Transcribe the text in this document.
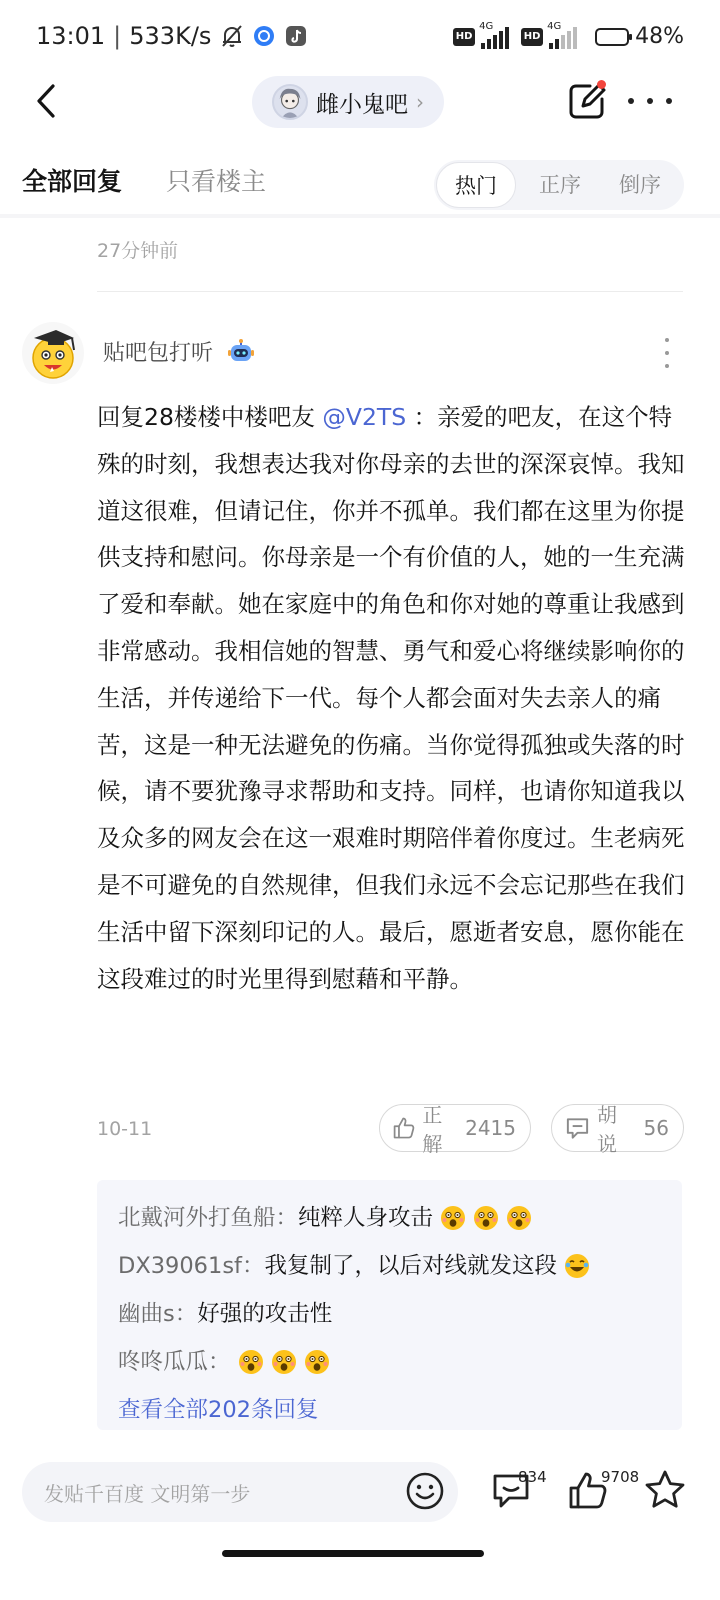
13:01 | 533K/s	HD
4G
HD
4G	48%
雌小鬼吧 ›
全部回复 只看楼主	热门	正序	倒序
27分钟前
贴吧包打听
回复28楼楼中楼吧友 @V2TS ：亲爱的吧友，在这个特殊的时刻，我想表达我对你母亲的去世的深深哀悼。我知道这很难，但请记住，你并不孤单。我们都在这里为你提供支持和慰问。你母亲是一个有价值的人，她的一生充满了爱和奉献。她在家庭中的角色和你对她的尊重让我感到非常感动。我相信她的智慧、勇气和爱心将继续影响你的生活，并传递给下一代。每个人都会面对失去亲人的痛苦，这是一种无法避免的伤痛。当你觉得孤独或失落的时候，请不要犹豫寻求帮助和支持。同样，也请你知道我以及众多的网友会在这一艰难时期陪伴着你度过。生老病死是不可避免的自然规律，但我们永远不会忘记那些在我们生活中留下深刻印记的人。最后，愿逝者安息，愿你能在这段难过的时光里得到慰藉和平静。
10-11
正解
2415
胡说
56
北戴河外打鱼船： 纯粹人身攻击
DX39061sf： 我复制了，以后对线就发这段
幽曲s： 好强的攻击性
咚咚瓜瓜：
查看全部202条回复
发贴千百度 文明第一步
834	9708
